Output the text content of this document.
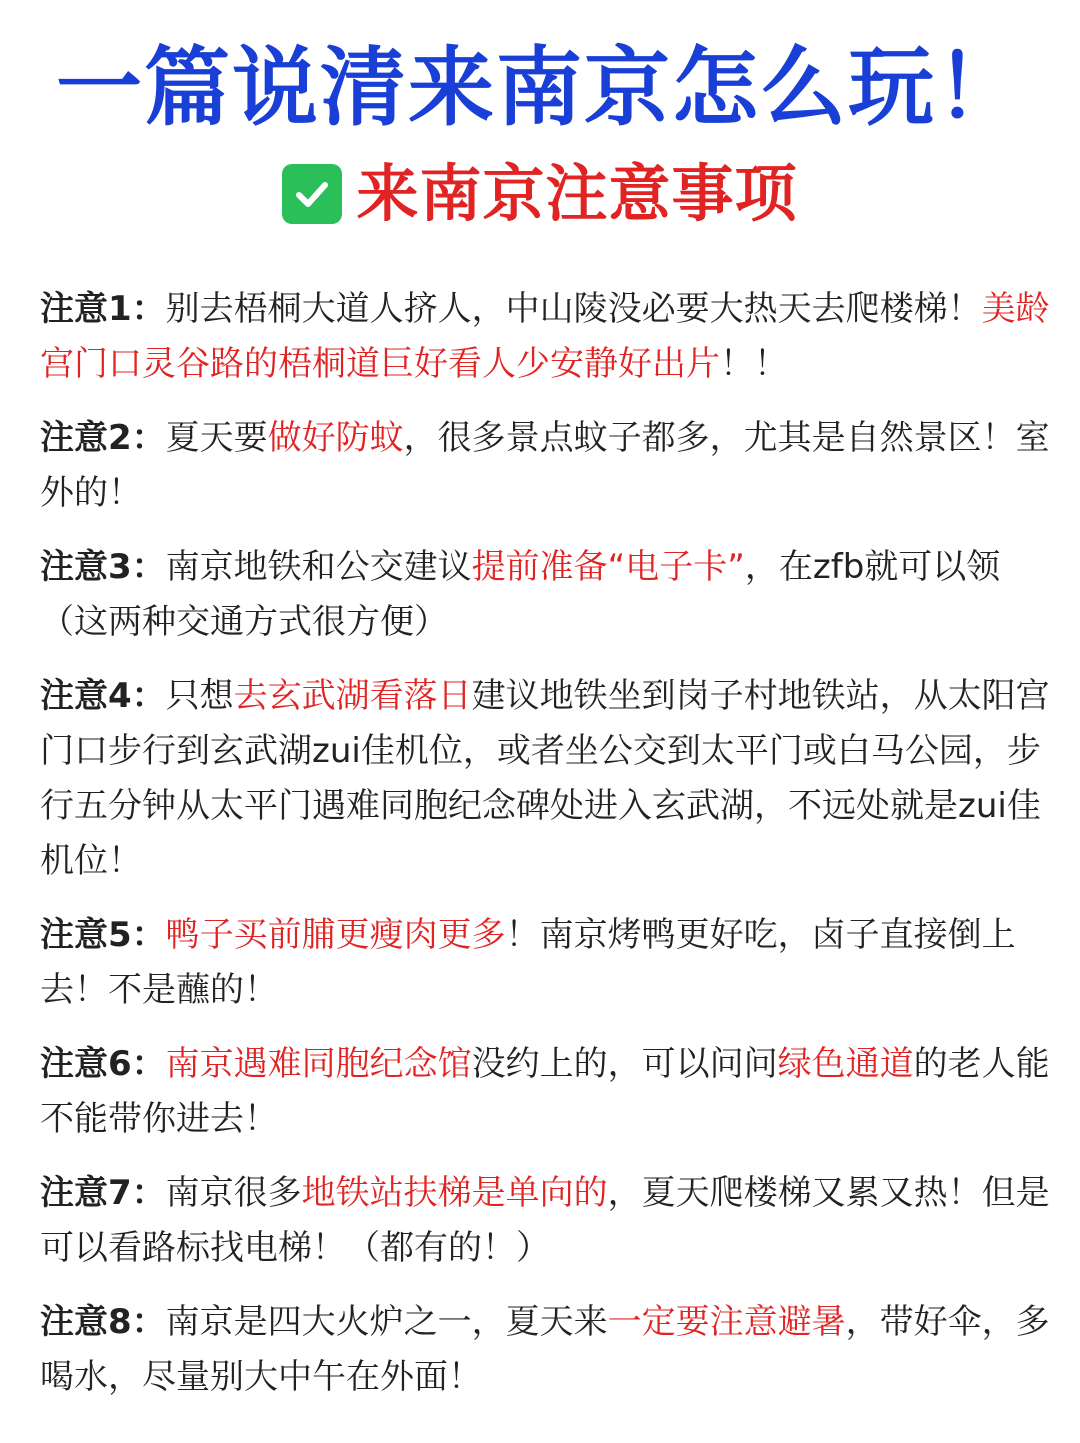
一篇说清来南京怎么玩！
来南京注意事项
注意1：别去梧桐大道人挤人，中山陵没必要大热天去爬楼梯！美龄宫门口灵谷路的梧桐道巨好看人少安静好出片！！
注意2：夏天要做好防蚊，很多景点蚊子都多，尤其是自然景区！室外的！
注意3：南京地铁和公交建议提前准备“电子卡”，在zfb就可以领（这两种交通方式很方便）
注意4：只想去玄武湖看落日建议地铁坐到岗子村地铁站，从太阳宫门口步行到玄武湖zui佳机位，或者坐公交到太平门或白马公园，步行五分钟从太平门遇难同胞纪念碑处进入玄武湖，不远处就是zui佳机位！
注意5：鸭子买前脯更瘦肉更多！南京烤鸭更好吃，卤子直接倒上去！不是蘸的！
注意6：南京遇难同胞纪念馆没约上的，可以问问绿色通道的老人能不能带你进去！
注意7：南京很多地铁站扶梯是单向的，夏天爬楼梯又累又热！但是可以看路标找电梯！（都有的！）
注意8：南京是四大火炉之一，夏天来一定要注意避暑，带好伞，多喝水，尽量别大中午在外面！
